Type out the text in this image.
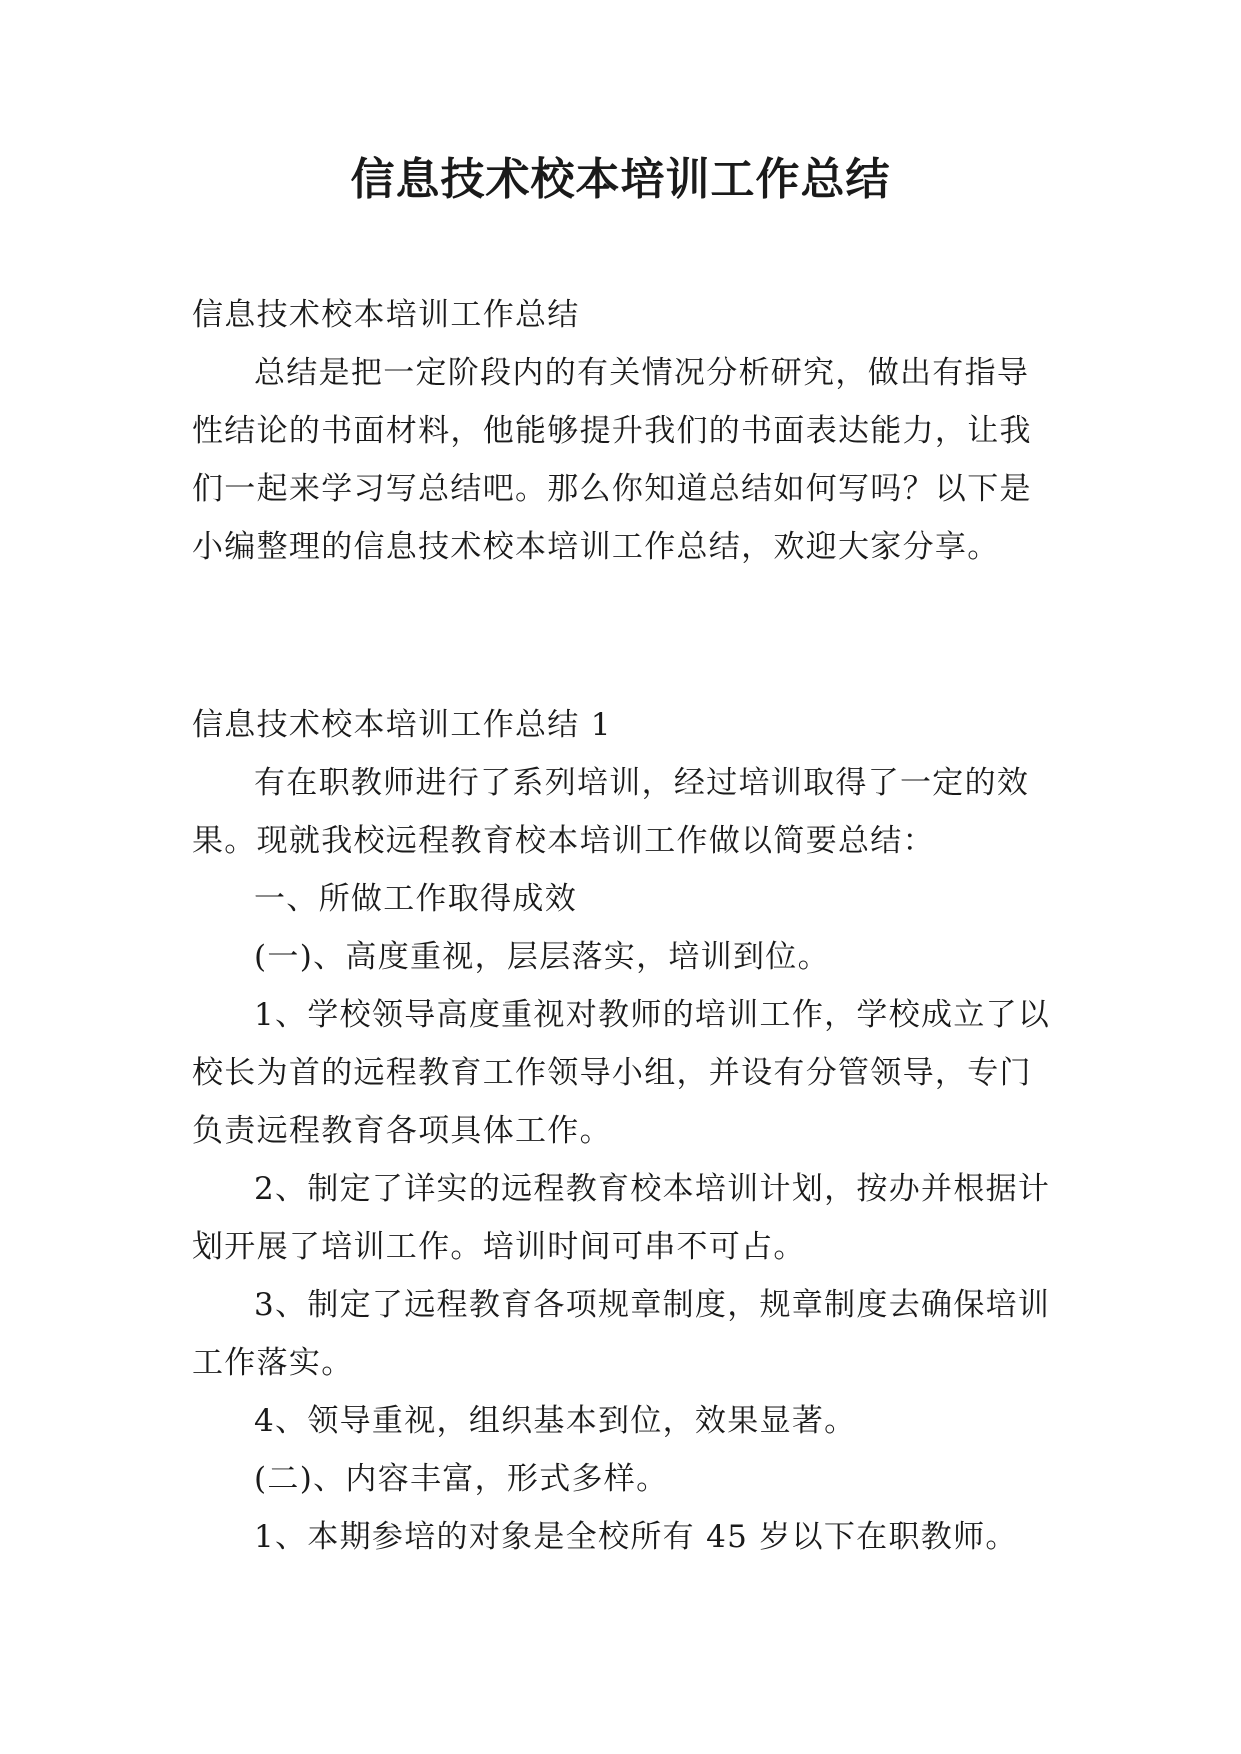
信息技术校本培训工作总结

信息技术校本培训工作总结

总结是把一定阶段内的有关情况分析研究，做出有指导性结论的书面材料，他能够提升我们的书面表达能力，让我们一起来学习写总结吧。那么你知道总结如何写吗？以下是小编整理的信息技术校本培训工作总结，欢迎大家分享。

信息技术校本培训工作总结 1

有在职教师进行了系列培训，经过培训取得了一定的效果。现就我校远程教育校本培训工作做以简要总结：

一、所做工作取得成效

(一)、高度重视，层层落实，培训到位。

1、学校领导高度重视对教师的培训工作，学校成立了以校长为首的远程教育工作领导小组，并设有分管领导，专门负责远程教育各项具体工作。

2、制定了详实的远程教育校本培训计划，按办并根据计划开展了培训工作。培训时间可串不可占。

3、制定了远程教育各项规章制度，规章制度去确保培训工作落实。

4、领导重视，组织基本到位，效果显著。

(二)、内容丰富，形式多样。

1、本期参培的对象是全校所有 45 岁以下在职教师。
